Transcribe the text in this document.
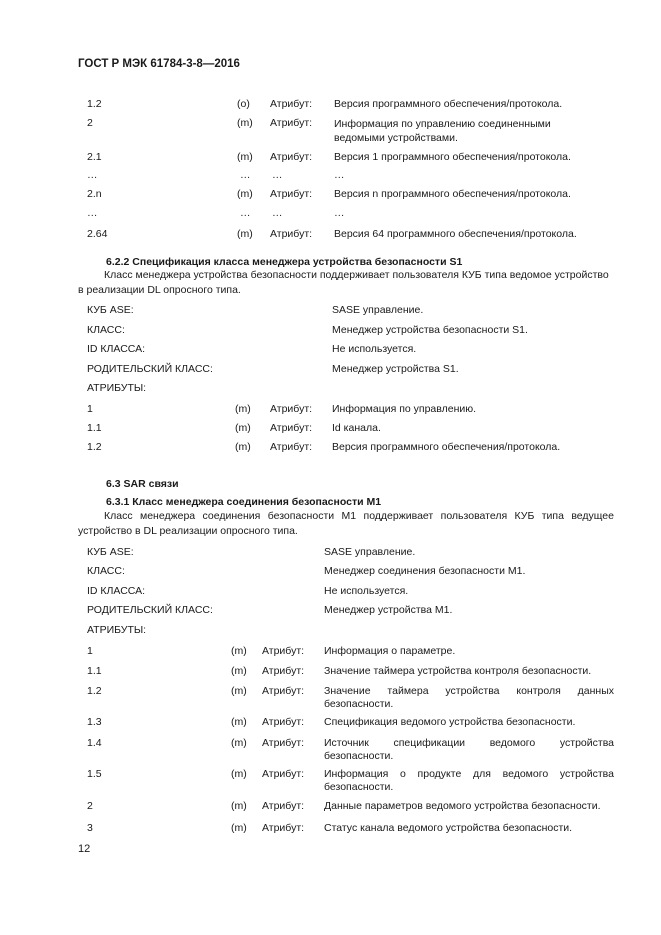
ГОСТ Р МЭК 61784-3-8—2016
1.2	(o) Атрибут: Версия программного обеспечения/протокола.
2	(m) Атрибут: Информация по управлению соединенными ведомыми устройствами.
2.1	(m) Атрибут: Версия 1 программного обеспечения/протокола.
…	… …	…
2.n	(m) Атрибут: Версия n программного обеспечения/протокола.
…	… …	…
2.64	(m) Атрибут: Версия 64 программного обеспечения/протокола.
6.2.2 Спецификация класса менеджера устройства безопасности S1

Класс менеджера устройства безопасности поддерживает пользователя КУБ типа ведомое устройство в реализации DL опросного типа.

КУБ ASE:	SASE управление.
КЛАСС:	Менеджер устройства безопасности S1.
ID КЛАССА:	Не используется.
РОДИТЕЛЬСКИЙ КЛАСС:	Менеджер устройства S1.
АТРИБУТЫ:
1	(m) Атрибут: Информация по управлению.
1.1	(m) Атрибут: Id канала.
1.2	(m) Атрибут: Версия программного обеспечения/протокола.
6.3 SAR связи
6.3.1 Класс менеджера соединения безопасности M1

Класс менеджера соединения безопасности M1 поддерживает пользователя КУБ типа ведущее устройство в DL реализации опросного типа.

КУБ ASE:	SASE управление.
КЛАСС:	Менеджер соединения безопасности M1.
ID КЛАССА:	Не используется.
РОДИТЕЛЬСКИЙ КЛАСС:	Менеджер устройства M1.
АТРИБУТЫ:
1	(m) Атрибут: Информация о параметре.
1.1	(m) Атрибут: Значение таймера устройства контроля безопасности.
1.2	(m) Атрибут: Значение таймера устройства контроля данных безопасности.
1.3	(m) Атрибут: Спецификация ведомого устройства безопасности.
1.4	(m) Атрибут: Источник спецификации ведомого устройства безопасности.
1.5	(m) Атрибут: Информация о продукте для ведомого устройства безопасности.
2	(m) Атрибут: Данные параметров ведомого устройства безопасности.
3	(m) Атрибут: Статус канала ведомого устройства безопасности.
12
